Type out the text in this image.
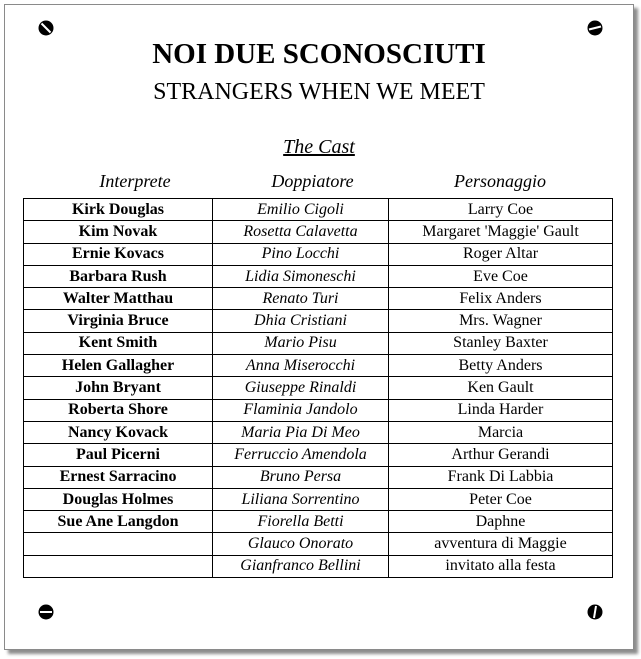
NOI DUE SCONOSCIUTI
STRANGERS WHEN WE MEET
The Cast
Interprete	Doppiatore	Personaggio
Kirk Douglas	Emilio Cigoli	Larry Coe
Kim Novak	Rosetta Calavetta	Margaret 'Maggie' Gault
Ernie Kovacs	Pino Locchi	Roger Altar
Barbara Rush	Lidia Simoneschi	Eve Coe
Walter Matthau	Renato Turi	Felix Anders
Virginia Bruce	Dhia Cristiani	Mrs. Wagner
Kent Smith	Mario Pisu	Stanley Baxter
Helen Gallagher	Anna Miserocchi	Betty Anders
John Bryant	Giuseppe Rinaldi	Ken Gault
Roberta Shore	Flaminia Jandolo	Linda Harder
Nancy Kovack	Maria Pia Di Meo	Marcia
Paul Picerni	Ferruccio Amendola	Arthur Gerandi
Ernest Sarracino	Bruno Persa	Frank Di Labbia
Douglas Holmes	Liliana Sorrentino	Peter Coe
Sue Ane Langdon	Fiorella Betti	Daphne
	Glauco Onorato	avventura di Maggie
	Gianfranco Bellini	invitato alla festa
